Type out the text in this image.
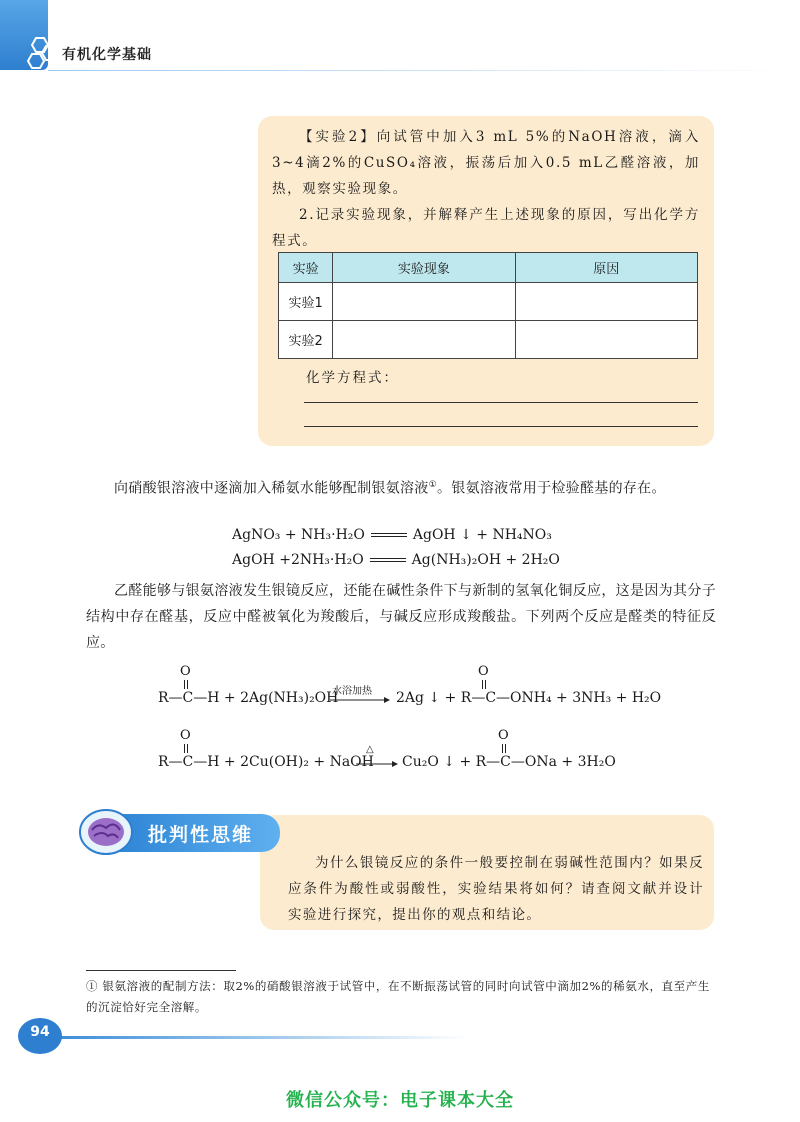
有机化学基础
【实验2】向试管中加入3 mL 5%的NaOH溶液，滴入3~4滴2%的CuSO₄溶液，振荡后加入0.5 mL乙醛溶液，加热，观察实验现象。
2.记录实验现象，并解释产生上述现象的原因，写出化学方程式。
实验	实验现象	原因
实验1		
实验2		
化学方程式：
向硝酸银溶液中逐滴加入稀氨水能够配制银氨溶液①。银氨溶液常用于检验醛基的存在。
AgNO₃ + NH₃·H₂O	AgOH ↓ + NH₄NO₃
AgOH +2NH₃·H₂O	Ag(NH₃)₂OH + 2H₂O
乙醛能够与银氨溶液发生银镜反应，还能在碱性条件下与新制的氢氧化铜反应，这是因为其分子结构中存在醛基，反应中醛被氧化为羧酸后，与碱反应形成羧酸盐。下列两个反应是醛类的特征反应。
O
R—C—H + 2Ag(NH₃)₂OH
水浴加热
O
2Ag ↓ + R—C—ONH₄ + 3NH₃ + H₂O
O
R—C—H + 2Cu(OH)₂ + NaOH
△
O
Cu₂O ↓ + R—C—ONa + 3H₂O
批判性思维
为什么银镜反应的条件一般要控制在弱碱性范围内？如果反应条件为酸性或弱酸性，实验结果将如何？请查阅文献并设计实验进行探究，提出你的观点和结论。
① 银氨溶液的配制方法：取2%的硝酸银溶液于试管中，在不断振荡试管的同时向试管中滴加2%的稀氨水，直至产生的沉淀恰好完全溶解。
94
微信公众号：电子课本大全
